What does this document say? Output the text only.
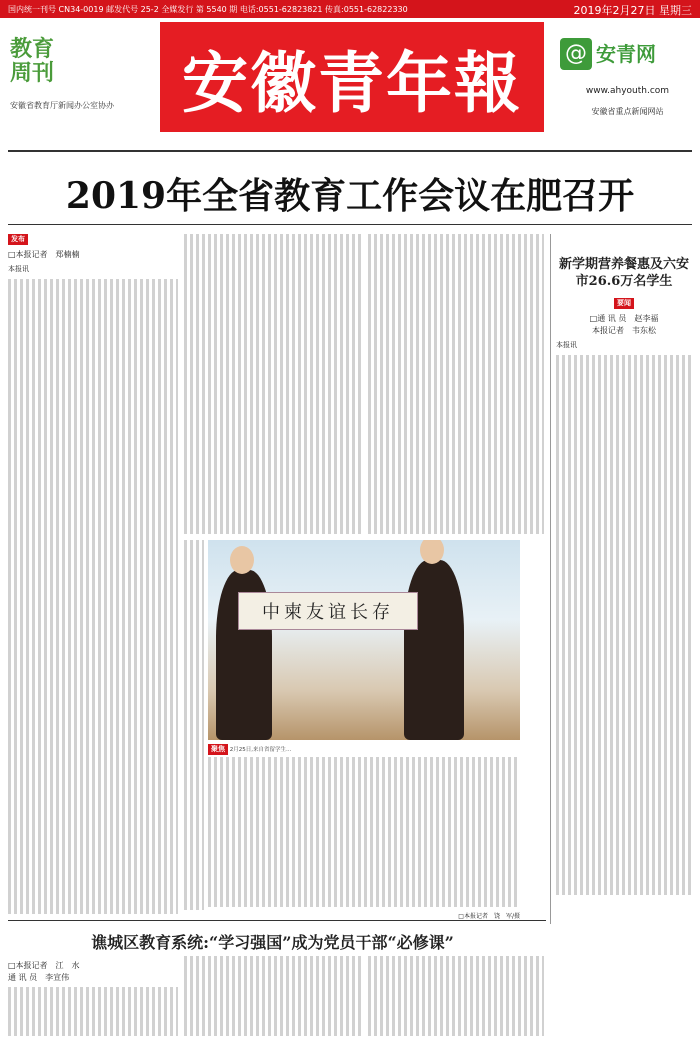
国内统一刊号 CN34-0019 邮发代号 25-2 全媒发行 第 5540 期 电话:0551-62823821 传真:0551-62822330	2019年2月27日 星期三
教育
周刊
安徽省教育厅新闻办公室协办	安徽青年報 @ 安青网
www.ahyouth.com
安徽省重点新闻网站
2019年全省教育工作会议在肥召开
发布
□本报记者　郑楠楠
本报讯
中柬友谊长存
聚焦 2月25日,来自省留学生…
□本报记者　饶　军/摄
新学期营养餐惠及六安市26.6万名学生
要闻
□通 讯 员　赵李福
本报记者　韦东松
本报讯
谯城区教育系统:“学习强国”成为党员干部“必修课”
□本报记者　江　水
通 讯 员　李宣伟
